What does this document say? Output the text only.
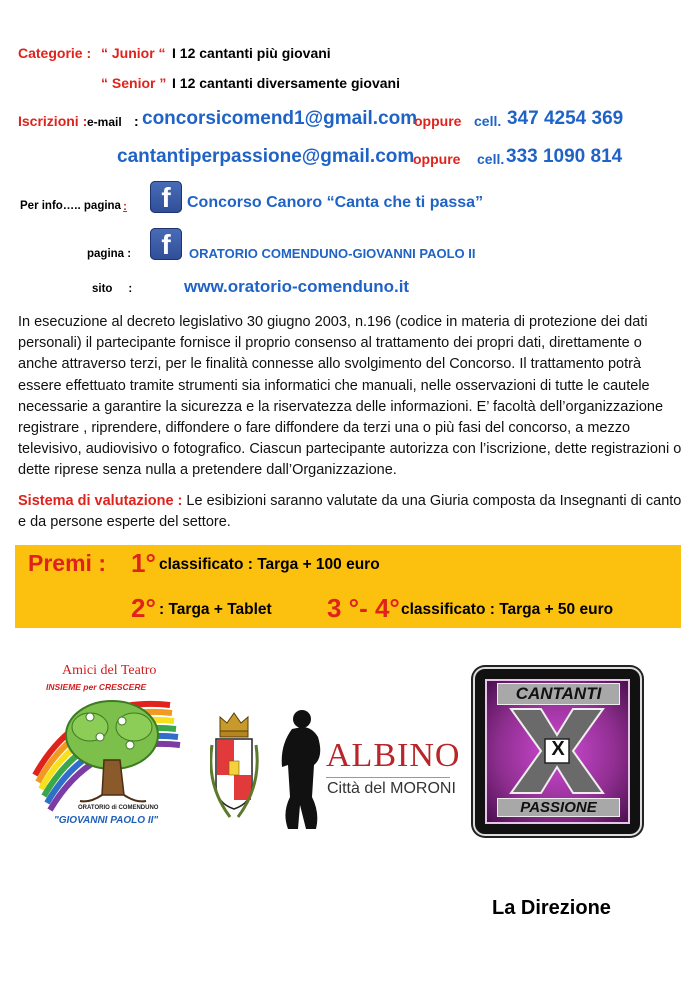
Categorie : “ Junior “ I 12 cantanti più giovani
“ Senior ” I 12 cantanti diversamente giovani
Iscrizioni : e-mail : concorsicomend1@gmail.com
oppure cell. 347 4254 369
cantantiperpassione@gmail.com
oppure cell. 333 1090 814
Per info….. pagina :	f	Concorso Canoro “Canta che ti passa”
pagina :	f	ORATORIO COMENDUNO-GIOVANNI PAOLO II
sito     :	www.oratorio-comenduno.it
In esecuzione al decreto legislativo 30 giugno 2003, n.196 (codice in materia di protezione dei dati personali) il partecipante fornisce il proprio consenso al trattamento dei propri dati, direttamente o anche attraverso terzi, per le finalità connesse allo svolgimento del Concorso. Il trattamento potrà essere effettuato tramite strumenti sia informatici che manuali, nelle osservazioni di tutte le cautele necessarie a garantire la sicurezza e la riservatezza delle informazioni. E’ facoltà dell’organizzazione registrare , riprendere, diffondere o fare diffondere da terzi una o più fasi del concorso, a mezzo televisivo, audiovisivo o fotografico. Ciascun partecipante autorizza con l’iscrizione, dette registrazioni o dette riprese senza nulla a pretendere dall’Organizzazione.
Sistema di valutazione : Le esibizioni saranno valutate da una Giuria composta da Insegnanti di canto e da persone esperte del settore.
Premi : 1° classificato : Targa + 100 euro
2° : Targa + Tablet 3 °- 4° classificato : Targa + 50 euro
Amici del Teatro
INSIEME per CRESCERE
ORATORIO di COMENDUNO
"GIOVANNI PAOLO II"
ALBINO
Città del MORONI
CANTANTI
X
PASSIONE
La Direzione
